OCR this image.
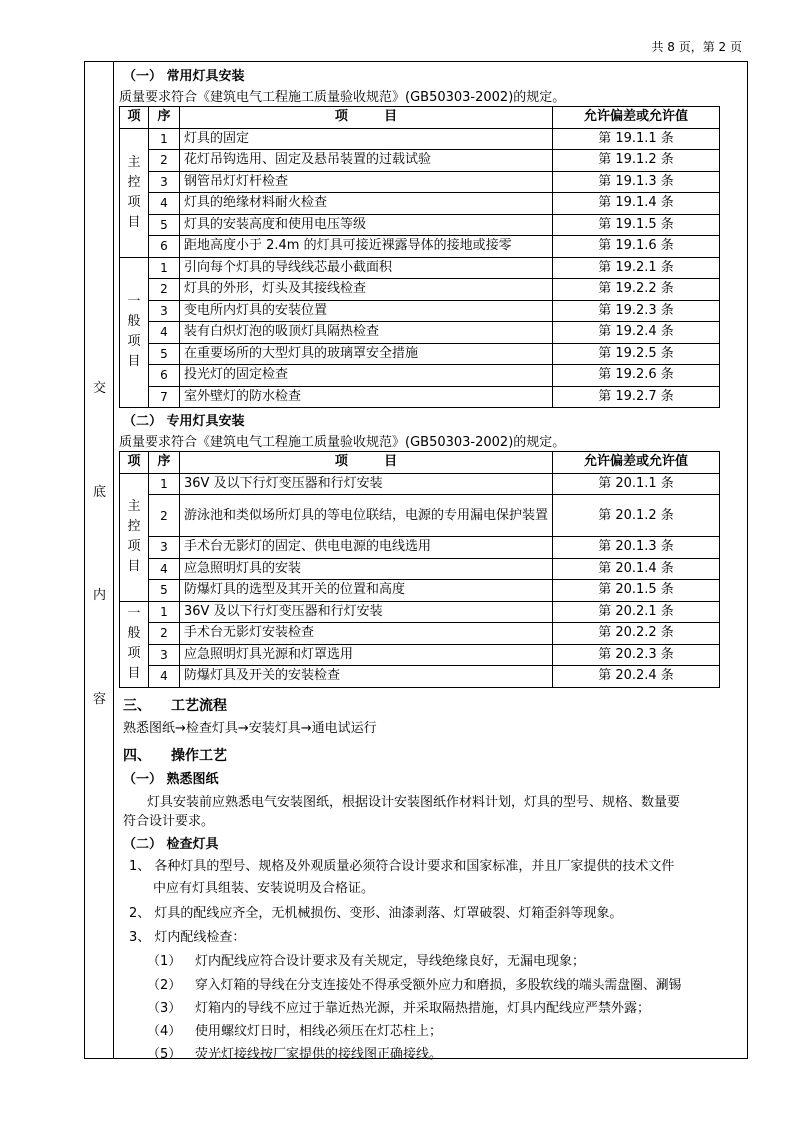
共 8 页，第 2 页
交
底
内
容
（一） 常用灯具安装
质量要求符合《建筑电气工程施工质量验收规范》(GB50303-2002)的规定。
项	序	项        目	允许偏差或允许值

主
控
项
目	1	灯具的固定	第 19.1.1 条
	2	花灯吊钩选用、固定及悬吊装置的过载试验	第 19.1.2 条
	3	钢管吊灯灯杆检查	第 19.1.3 条
	4	灯具的绝缘材料耐火检查	第 19.1.4 条
	5	灯具的安装高度和使用电压等级	第 19.1.5 条
	6	距地高度小于 2.4m 的灯具可接近裸露导体的接地或接零	第 19.1.6 条

一
般
项
目	1	引向每个灯具的导线线芯最小截面积	第 19.2.1 条
	2	灯具的外形，灯头及其接线检查	第 19.2.2 条
	3	变电所内灯具的安装位置	第 19.2.3 条
	4	装有白炽灯泡的吸顶灯具隔热检查	第 19.2.4 条
	5	在重要场所的大型灯具的玻璃罩安全措施	第 19.2.5 条
	6	投光灯的固定检查	第 19.2.6 条
	7	室外壁灯的防水检查	第 19.2.7 条
（二） 专用灯具安装
质量要求符合《建筑电气工程施工质量验收规范》(GB50303-2002)的规定。
项	序	项        目	允许偏差或允许值

主
控
项
目	1	36V 及以下行灯变压器和行灯安装	第 20.1.1 条
	2	游泳池和类似场所灯具的等电位联结，电源的专用漏电保护装置	第 20.1.2 条
	3	手术台无影灯的固定、供电电源的电线选用	第 20.1.3 条
	4	应急照明灯具的安装	第 20.1.4 条
	5	防爆灯具的选型及其开关的位置和高度	第 20.1.5 条

一
般
项
目	1	36V 及以下行灯变压器和行灯安装	第 20.2.1 条
	2	手术台无影灯安装检查	第 20.2.2 条
	3	应急照明灯具光源和灯罩选用	第 20.2.3 条
	4	防爆灯具及开关的安装检查	第 20.2.4 条
三、 工艺流程
熟悉图纸→检查灯具→安装灯具→通电试运行
四、 操作工艺
（一） 熟悉图纸
灯具安装前应熟悉电气安装图纸，根据设计安装图纸作材料计划，灯具的型号、规格、数量要
符合设计要求。
（二） 检查灯具
1、 各种灯具的型号、规格及外观质量必须符合设计要求和国家标准，并且厂家提供的技术文件
中应有灯具组装、安装说明及合格证。
2、 灯具的配线应齐全，无机械损伤、变形、油漆剥落、灯罩破裂、灯箱歪斜等现象。
3、 灯内配线检查：
（1） 灯内配线应符合设计要求及有关规定，导线绝缘良好，无漏电现象；
（2） 穿入灯箱的导线在分支连接处不得承受额外应力和磨损，多股软线的端头需盘圈、涮锡
（3） 灯箱内的导线不应过于靠近热光源，并采取隔热措施，灯具内配线应严禁外露；
（4） 使用螺纹灯日时，相线必须压在灯芯柱上；
（5） 荧光灯接线按厂家提供的接线图正确接线。
